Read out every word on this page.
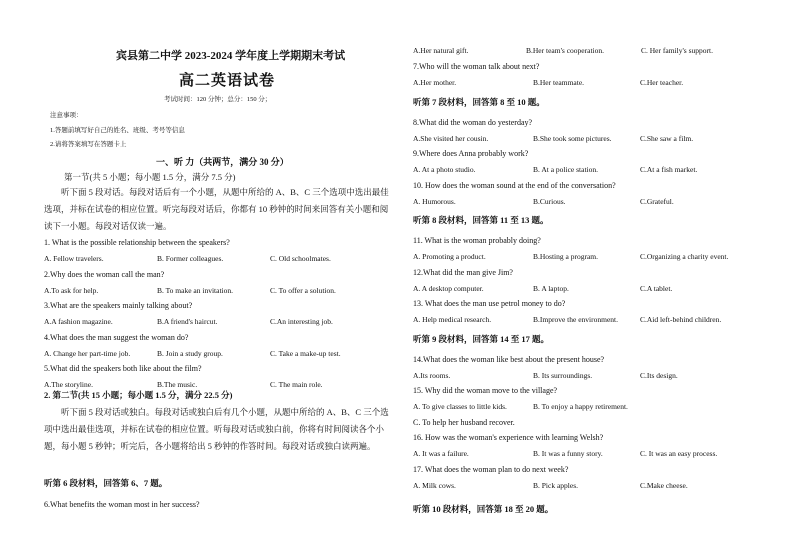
宾县第二中学 2023-2024 学年度上学期期末考试
高二英语试卷
考试时间：120 分钟；总分：150 分；
注意事项：
1.答题前填写好自己的姓名、班级、考号等信息
2.请将答案填写在答题卡上
一、听 力（共两节，满分 30 分）
第一节(共 5 小题；每小题 1.5 分，满分 7.5 分)
听下面 5 段对话。每段对话后有一个小题，从题中所给的 A、B、C 三个选项中选出最佳选项，并标在试卷的相应位置。听完每段对话后，你都有 10 秒钟的时间来回答有关小题和阅读下一小题。每段对话仅读一遍。
1. What is the possible relationship between the speakers?
A. Fellow travelers.	B. Former colleagues.	C. Old schoolmates.
2.Why does the woman call the man?
A.To ask for help.	B. To make an invitation.	C. To offer a solution.
3.What are the speakers mainly talking about?
A.A fashion magazine.	B.A friend's haircut.	C.An interesting job.
4.What does the man suggest the woman do?
A. Change her part-time job.	B. Join a study group.	C. Take a make-up test.
5.What did the speakers both like about the film?
A.The storyline.	B.The music.	C. The main role.
2. 第二节(共 15 小题；每小题 1.5 分，满分 22.5 分)
听下面 5 段对话或独白。每段对话或独白后有几个小题，从题中所给的 A、B、C 三个选项中选出最佳选项，并标在试卷的相应位置。听每段对话或独白前，你将有时间阅读各个小题，每小题 5 秒钟；听完后，各小题将给出 5 秒钟的作答时间。每段对话或独白读两遍。
听第 6 段材料，回答第 6、7 题。
6.What benefits the woman most in her success?
A.Her natural gift.	B.Her team's cooperation.	C. Her family's support.
7.Who will the woman talk about next?
A.Her mother.	B.Her teammate.	C.Her teacher.
听第 7 段材料，回答第 8 至 10 题。
8.What did the woman do yesterday?
A.She visited her cousin.	B.She took some pictures.	C.She saw a film.
9.Where does Anna probably work?
A. At a photo studio.	B. At a police station.	C.At a fish market.
10. How does the woman sound at the end of the conversation?
A. Humorous.	B.Curious.	C.Grateful.
听第 8 段材料，回答第 11 至 13 题。
11. What is the woman probably doing?
A. Promoting a product.	B.Hosting a program.	C.Organizing a charity event.
12.What did the man give Jim?
A. A desktop computer.	B. A laptop.	C.A tablet.
13. What does the man use petrol money to do?
A. Help medical research.	B.Improve the environment.	C.Aid left-behind children.
听第 9 段材料，回答第 14 至 17 题。
14.What does the woman like best about the present house?
A.Its rooms.	B. Its surroundings.	C.Its design.
15. Why did the woman move to the village?
A. To give classes to little kids.	B. To enjoy a happy retirement.
C. To help her husband recover.
16. How was the woman's experience with learning Welsh?
A. It was a failure.	B. It was a funny story.	C. It was an easy process.
17. What does the woman plan to do next week?
A. Milk cows.	B. Pick apples.	C.Make cheese.
听第 10 段材料，回答第 18 至 20 题。
